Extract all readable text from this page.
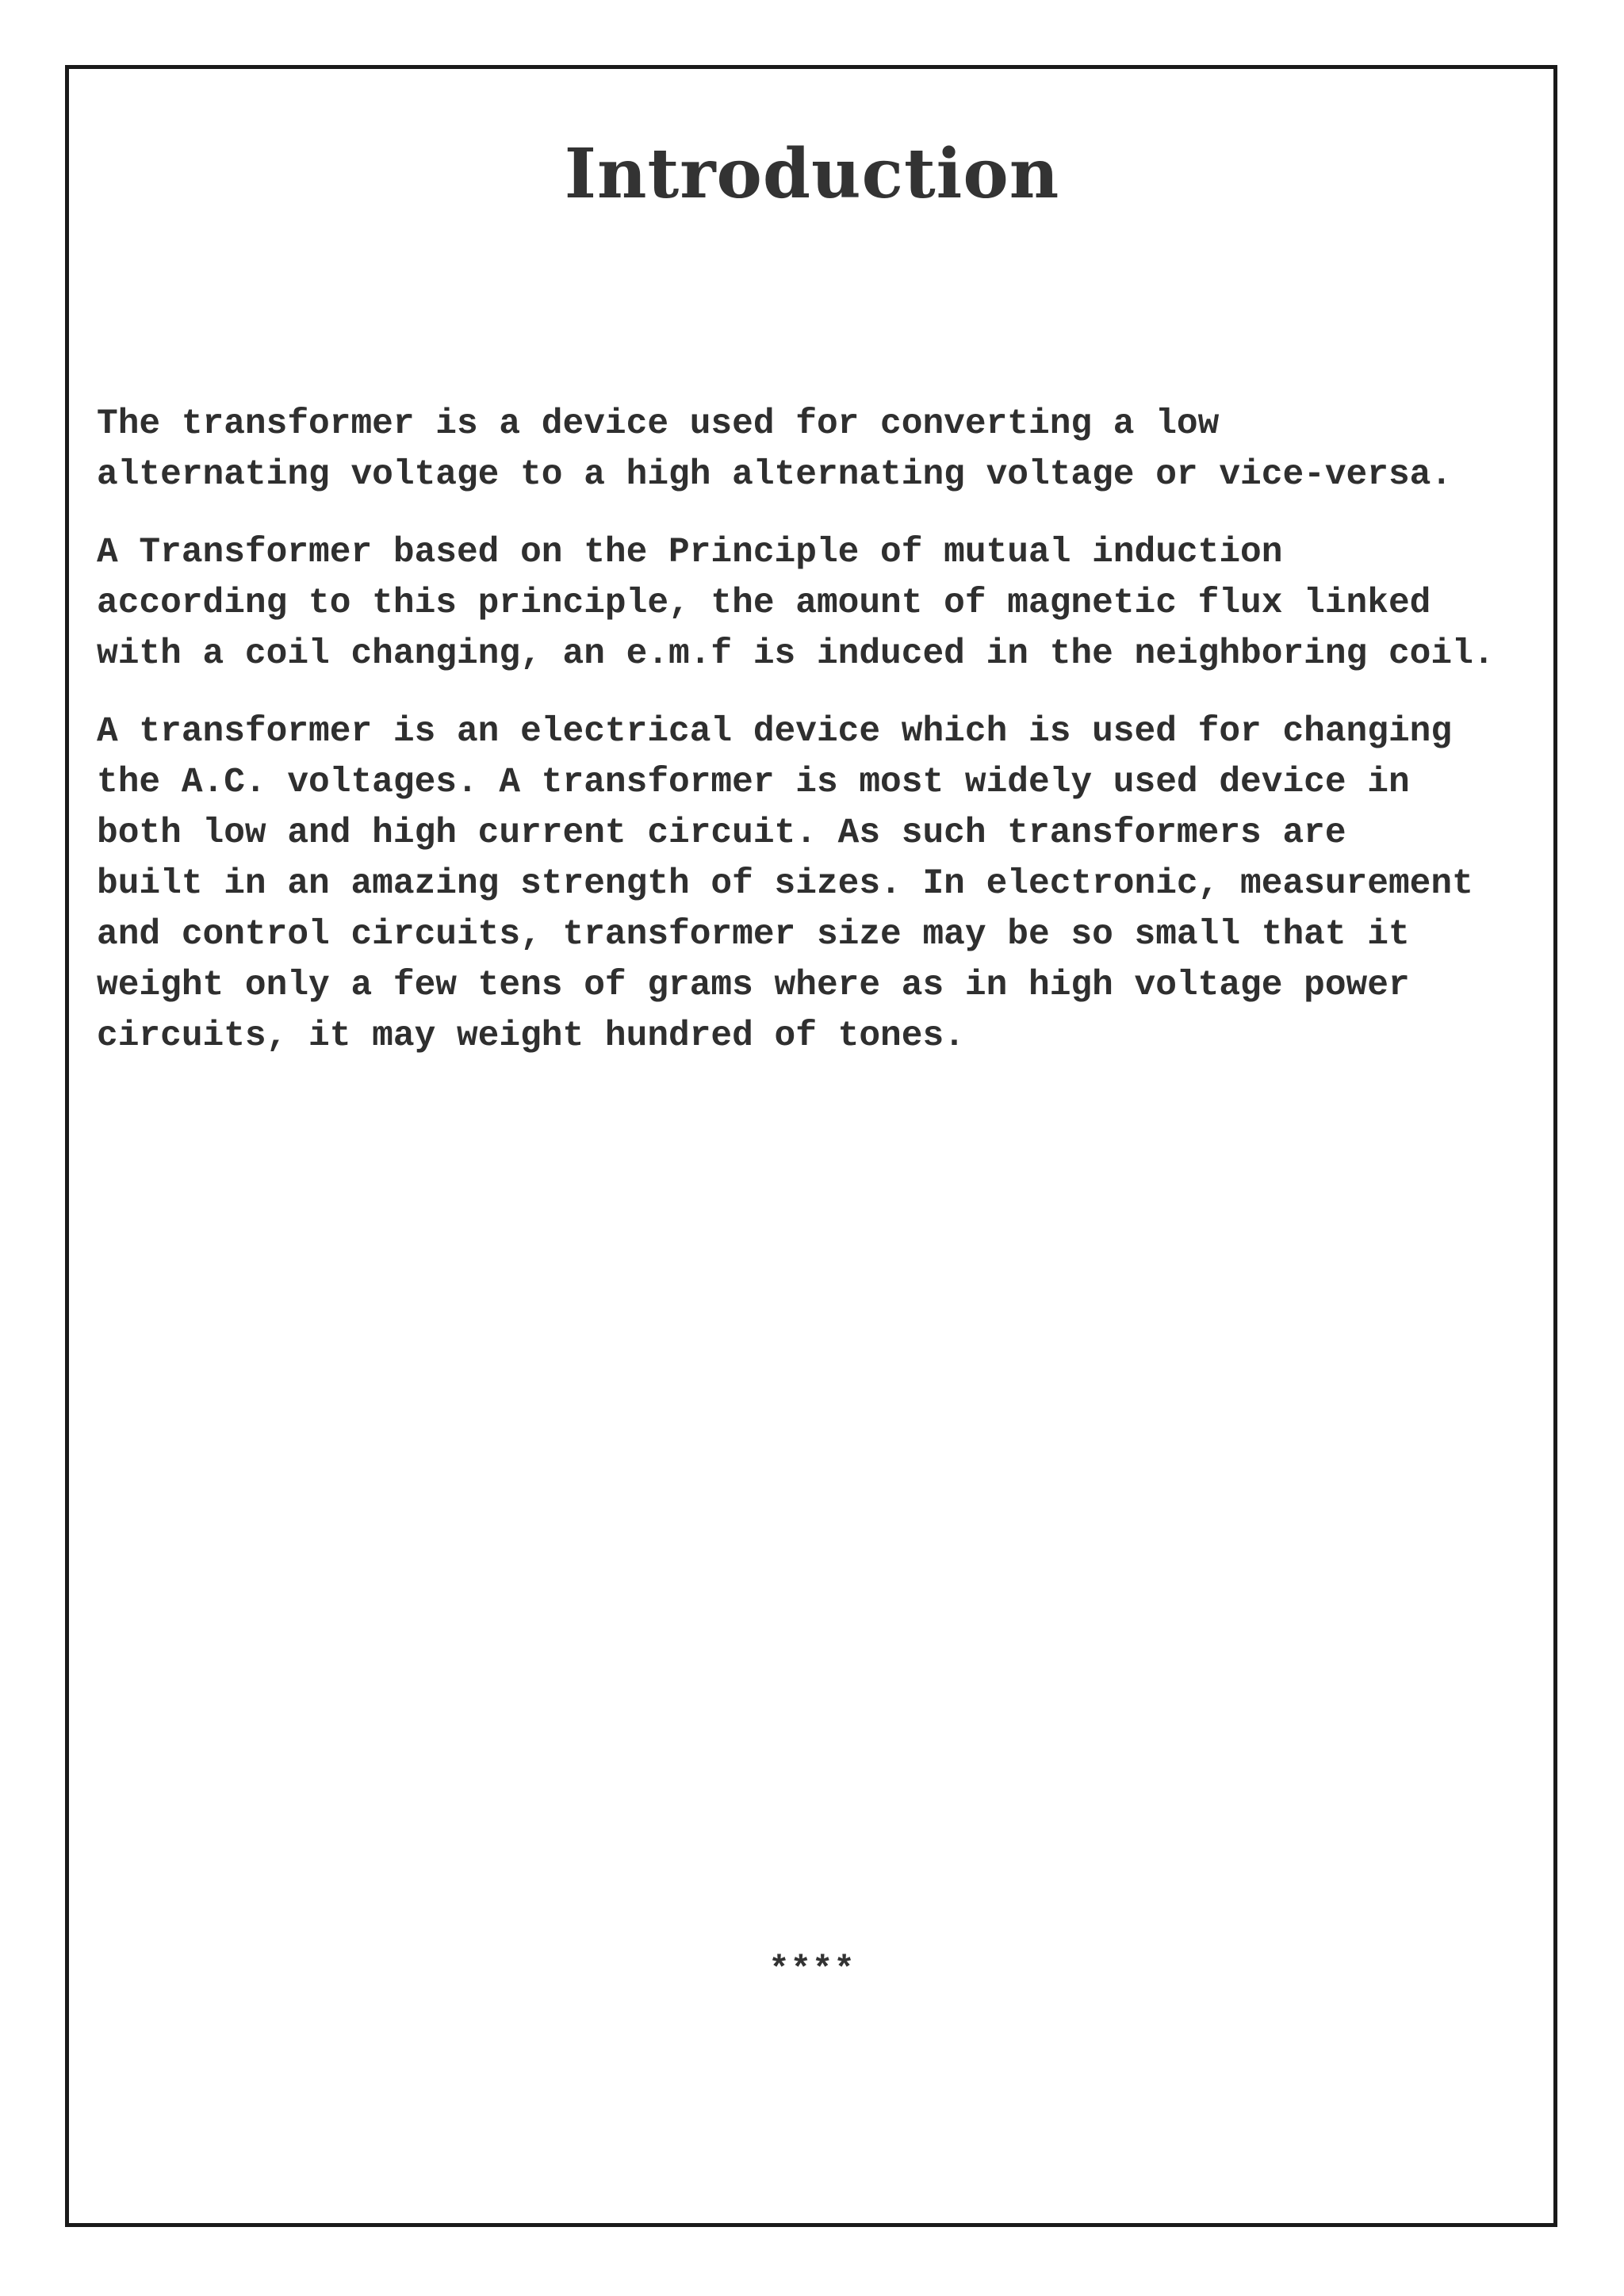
Introduction

The transformer is a device used for converting a low
alternating voltage to a high alternating voltage or vice-versa.

A Transformer based on the Principle of mutual induction
according to this principle, the amount of magnetic flux linked
with a coil changing, an e.m.f is induced in the neighboring coil.

A transformer is an electrical device which is used for changing
the A.C. voltages. A transformer is most widely used device in
both low and high current circuit. As such transformers are
built in an amazing strength of sizes. In electronic, measurement
and control circuits, transformer size may be so small that it
weight only a few tens of grams where as in high voltage power
circuits, it may weight hundred of tones.

****
